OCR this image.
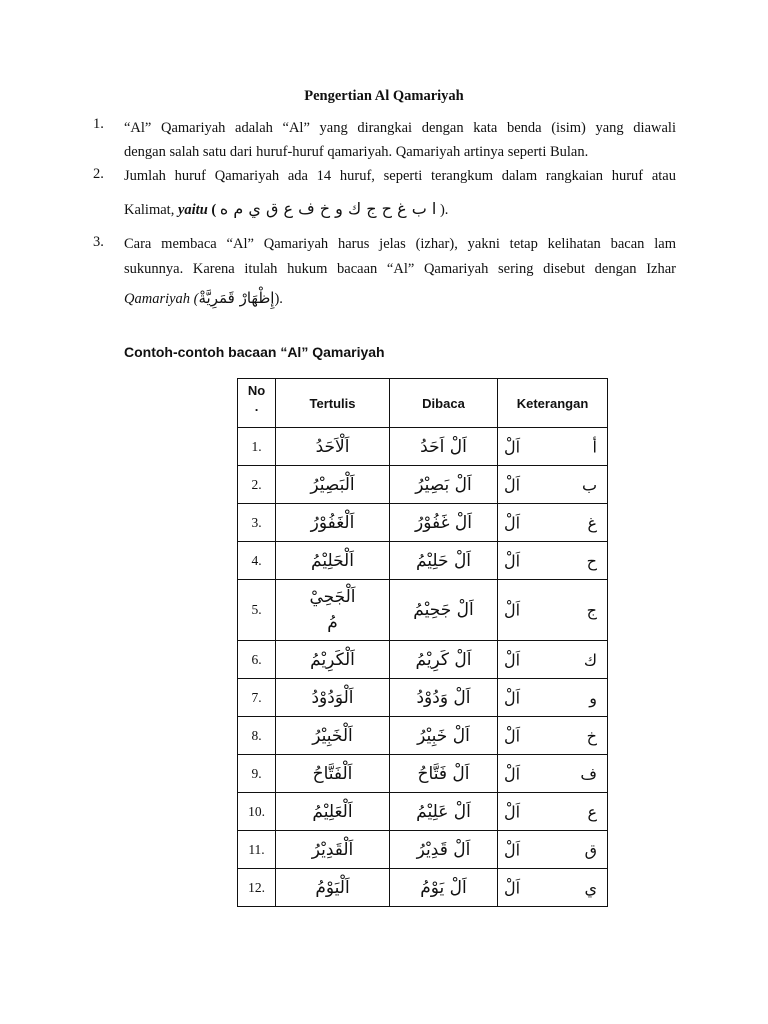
Pengertian Al Qamariyah
1. “Al” Qamariyah adalah “Al” yang dirangkai dengan kata benda (isim) yang diawali
dengan salah satu dari huruf-huruf qamariyah. Qamariyah artinya seperti Bulan.
2. Jumlah huruf Qamariyah ada 14 huruf, seperti terangkum dalam rangkaian huruf atau
Kalimat, yaitu ( ا ب غ ح ج ك و خ ف ع ق ي م ه ).
3. Cara membaca “Al” Qamariyah harus jelas (izhar), yakni tetap kelihatan bacan lam
sukunnya. Karena itulah hukum bacaan “Al” Qamariyah sering disebut dengan Izhar
Qamariyah (إِظْهَارْ قَمَرِيَّةْ).
Contoh-contoh bacaan “Al” Qamariyah
No
.	Tertulis	Dibaca	Keterangan
1.	اَلْاَحَدُ	اَلْ اَحَدُ	اَلْ أ

2.	اَلْبَصِيْرُ	اَلْ بَصِيْرُ	اَلْ ب

3.	اَلْغَفُوْرُ	اَلْ غَفُوْرُ	اَلْ غ

4.	اَلْحَلِيْمُ	اَلْ حَلِيْمُ	اَلْ ح

5.	اَلْجَحِيْ
مُ	اَلْ جَحِيْمُ	اَلْ ج

6.	اَلْكَرِيْمُ	اَلْ كَرِيْمُ	اَلْ ك

7.	اَلْوَدُوْدُ	اَلْ وَدُوْدُ	اَلْ و

8.	اَلْخَبِيْرُ	اَلْ خَبِيْرُ	اَلْ خ

9.	اَلْفَتَّاحُ	اَلْ فَتَّاحُ	اَلْ ف

10.	اَلْعَلِيْمُ	اَلْ عَلِيْمُ	اَلْ ع

11.	اَلْقَدِيْرُ	اَلْ قَدِيْرُ	اَلْ ق

12.	اَلْيَوْمُ	اَلْ يَوْمُ	اَلْ ي
